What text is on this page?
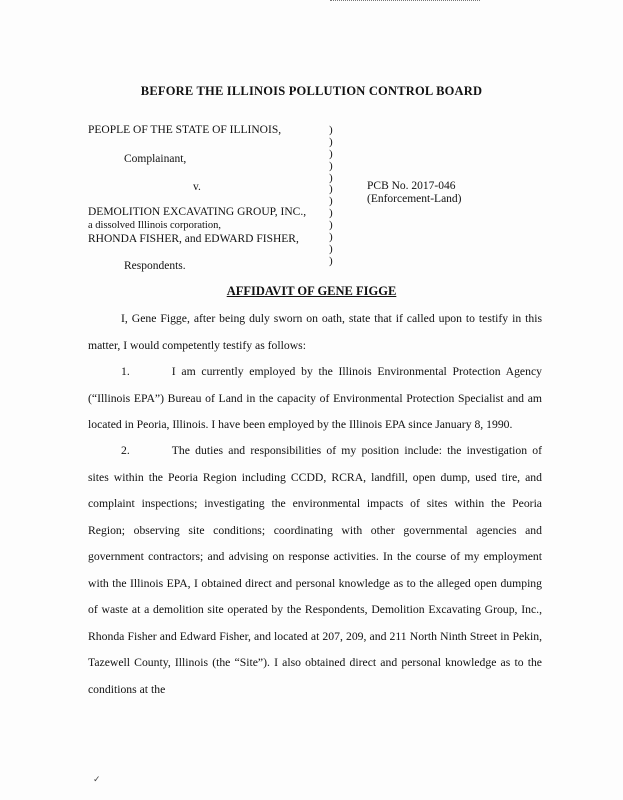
BEFORE THE ILLINOIS POLLUTION CONTROL BOARD
PEOPLE OF THE STATE OF ILLINOIS,
Complainant,
v.
DEMOLITION EXCAVATING GROUP, INC.,
a dissolved Illinois corporation,
RHONDA FISHER, and EDWARD FISHER,
Respondents.
)
)
)
)
)
)
)
)
)
)
)
)
PCB No. 2017-046
(Enforcement-Land)
AFFIDAVIT OF GENE FIGGE
I, Gene Figge, after being duly sworn on oath, state that if called upon to testify in this matter, I would competently testify as follows:
1.	I am currently employed by the Illinois Environmental Protection Agency (“Illinois EPA”) Bureau of Land in the capacity of Environmental Protection Specialist and am located in Peoria, Illinois. I have been employed by the Illinois EPA since January 8, 1990.
2.	The duties and responsibilities of my position include: the investigation of sites within the Peoria Region including CCDD, RCRA, landfill, open dump, used tire, and complaint inspections; investigating the environmental impacts of sites within the Peoria Region; observing site conditions; coordinating with other governmental agencies and government contractors; and advising on response activities. In the course of my employment with the Illinois EPA, I obtained direct and personal knowledge as to the alleged open dumping of waste at a demolition site operated by the Respondents, Demolition Excavating Group, Inc., Rhonda Fisher and Edward Fisher, and located at 207, 209, and 211 North Ninth Street in Pekin, Tazewell County, Illinois (the “Site”). I also obtained direct and personal knowledge as to the conditions at the
✓
